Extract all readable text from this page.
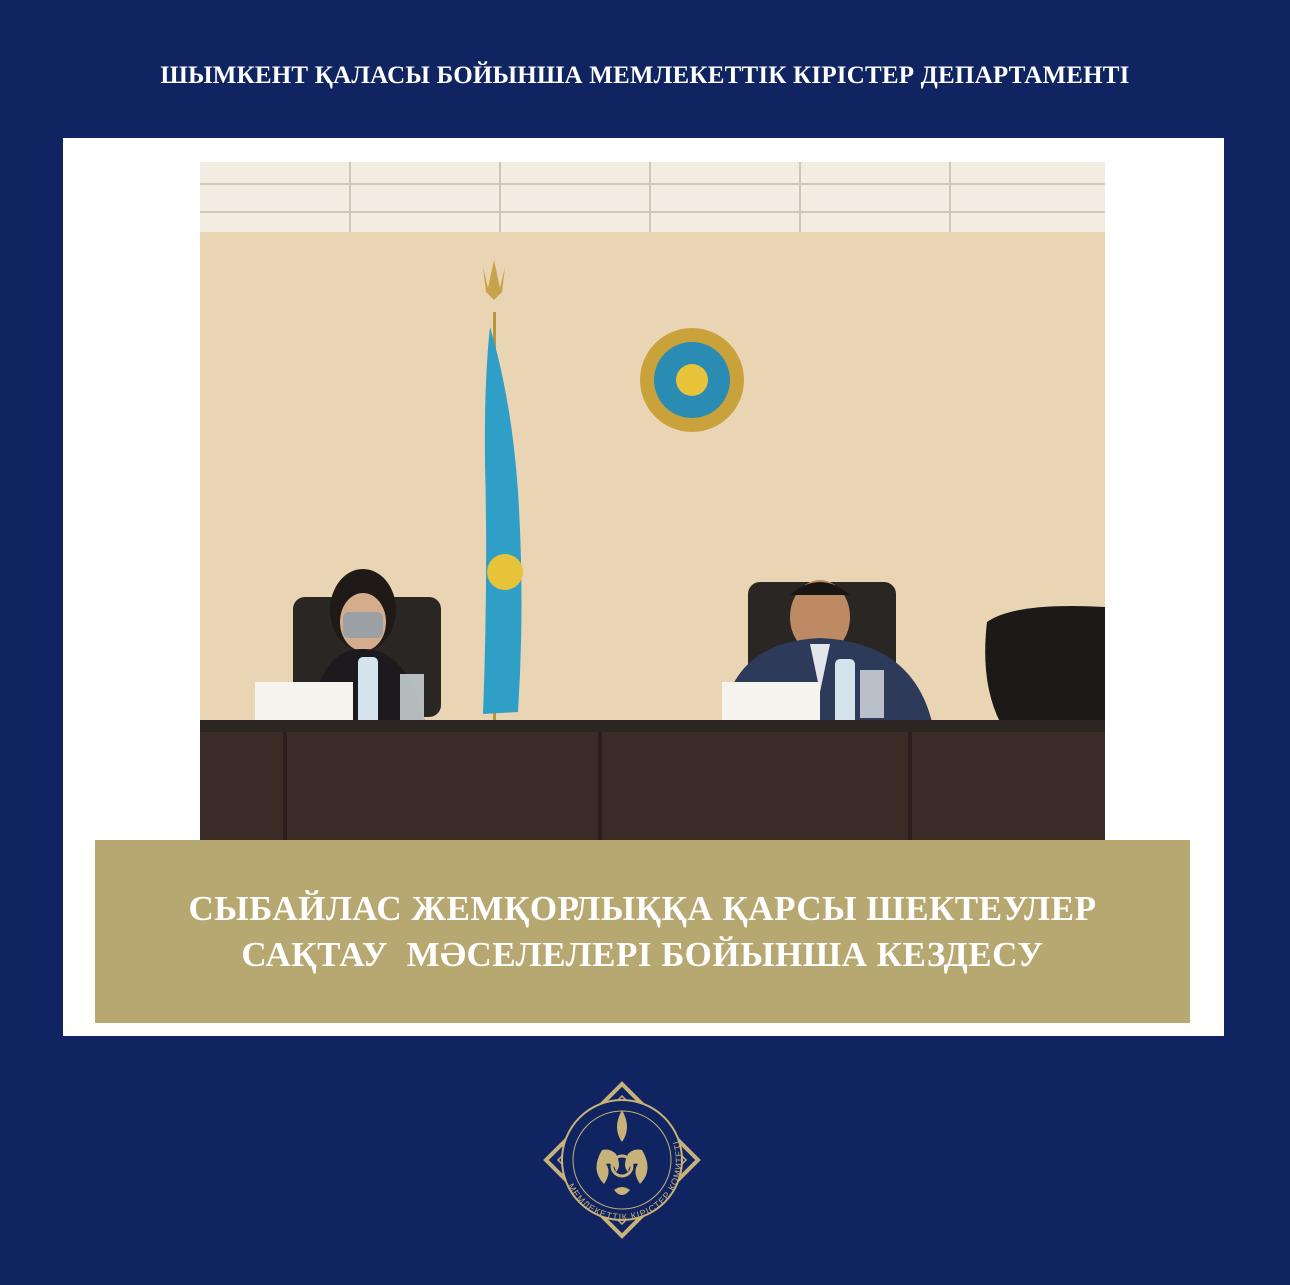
ШЫМКЕНТ ҚАЛАСЫ БОЙЫНША МЕМЛЕКЕТТІК КІРІСТЕР ДЕПАРТАМЕНТІ
СЫБАЙЛАС ЖЕМҚОРЛЫҚҚА ҚАРСЫ ШЕКТЕУЛЕР
САҚТАУ  МӘСЕЛЕЛЕРІ БОЙЫНША КЕЗДЕСУ
МЕМЛЕКЕТТІК КІРІСТЕР КОМИТЕТІ
